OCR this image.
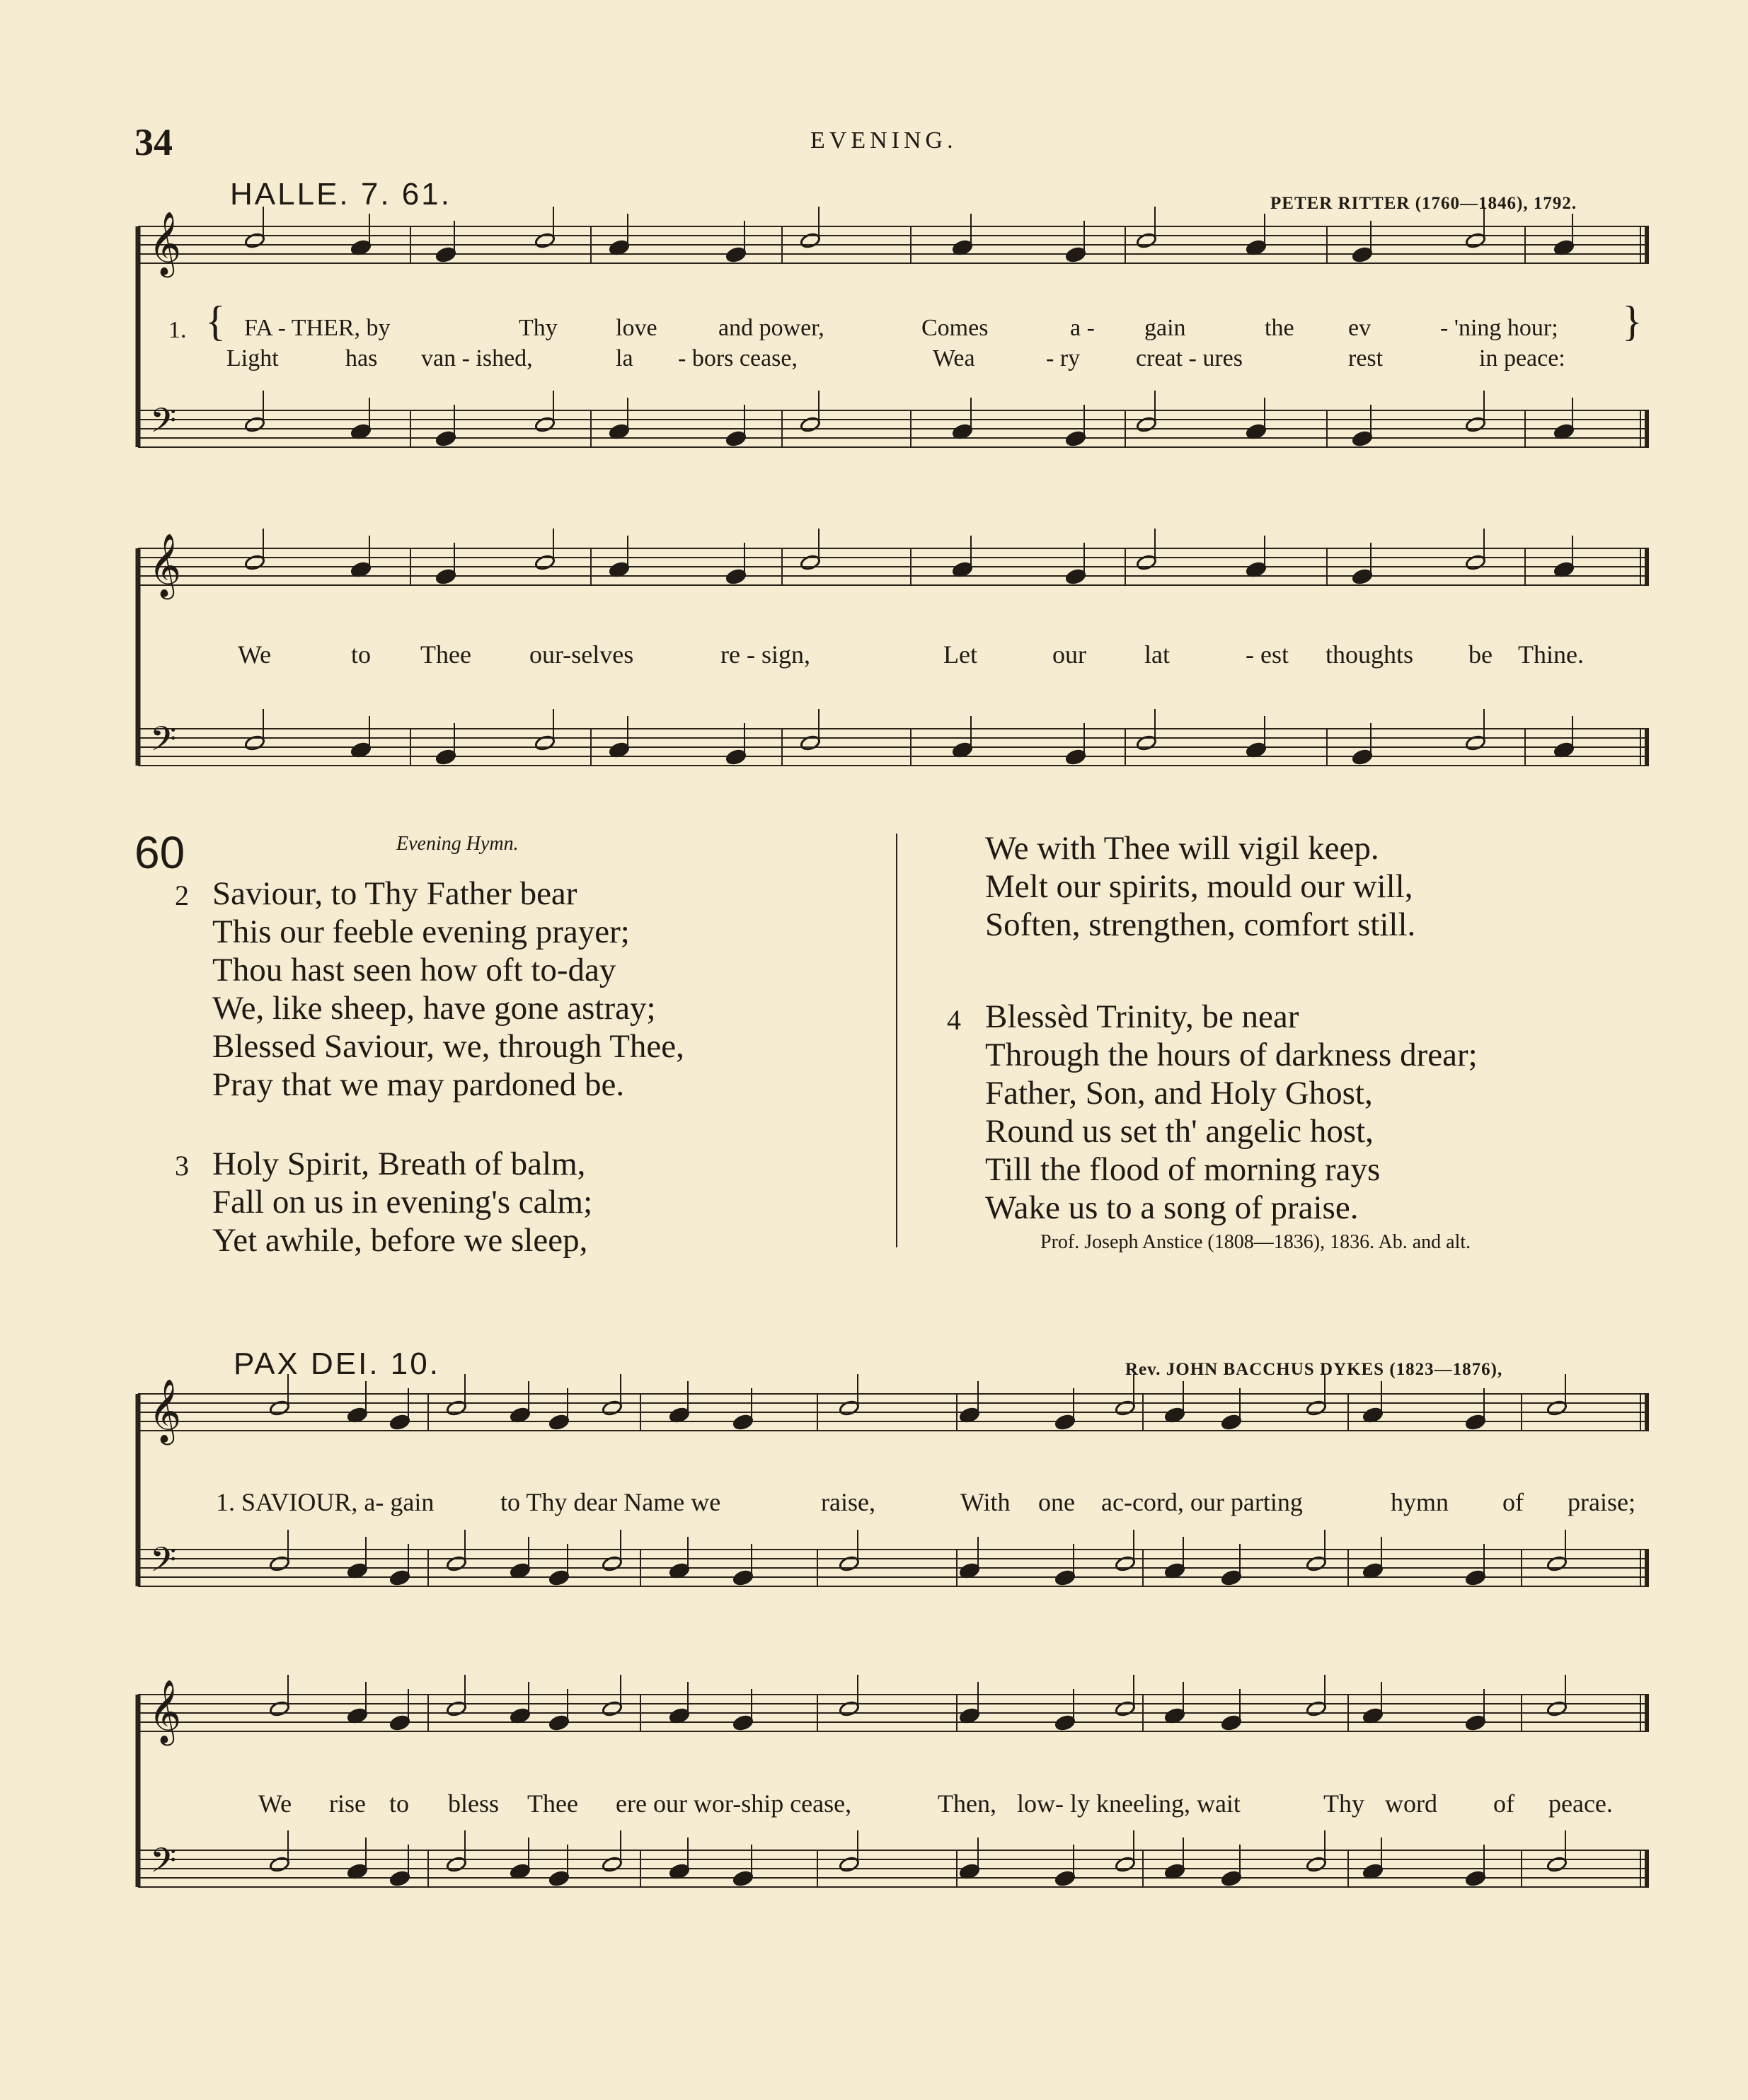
34	EVENING.
HALLE. 7. 61.	PETER RITTER (1760—1846), 1792.
PAX DEI. 10.	Rev. JOHN BACCHUS DYKES (1823—1876),
𝄞
𝄢
𝄞
𝄢
𝄞
𝄢
𝄞
𝄢
1. {	}
FA - THER, by	Thy love	and power,	Comes	a - gain	the ev	- 'ning hour;
Light	has van - ished,	la - bors cease,	Wea	- ry creat - ures	rest	in peace:
We	to Thee our-selves	re - sign,	Let	our lat	- est thoughts be Thine.
60	Evening Hymn.
2 Saviour, to Thy Father bear
This our feeble evening prayer;
Thou hast seen how oft to-day
We, like sheep, have gone astray;
Blessed Saviour, we, through Thee,
Pray that we may pardoned be.
3 Holy Spirit, Breath of balm,
Fall on us in evening's calm;
Yet awhile, before we sleep,
We with Thee will vigil keep.
Melt our spirits, mould our will,
Soften, strengthen, comfort still.
4 Blessèd Trinity, be near
Through the hours of darkness drear;
Father, Son, and Holy Ghost,
Round us set th' angelic host,
Till the flood of morning rays
Wake us to a song of praise.
Prof. Joseph Anstice (1808—1836), 1836. Ab. and alt.
1. SAVIOUR, a- gain	to Thy dear Name we	raise,	With one ac-cord, our parting	hymn of praise;
We rise to bless Thee ere our wor-ship cease,	Then, low- ly kneeling, wait	Thy word of peace.
